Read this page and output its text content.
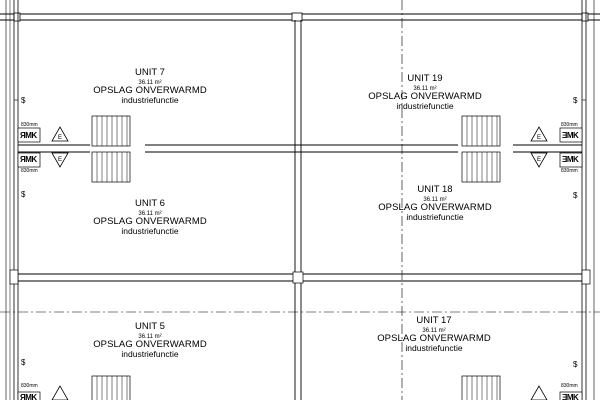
E
E
E
E
UNIT 7
36.11 m²
OPSLAG ONVERWARMD
industriefunctie
UNIT 6
36.11 m²
OPSLAG ONVERWARMD
industriefunctie
UNIT 5
36.11 m²
OPSLAG ONVERWARMD
industriefunctie
UNIT 19
36.11 m²
OPSLAG ONVERWARMD
industriefunctie
UNIT 18
36.11 m²
OPSLAG ONVERWARMD
industriefunctie
UNIT 17
36.11 m²
OPSLAG ONVERWARMD
industriefunctie
$
$
$
$
$
$
830mm
830mm
830mm
830mm
830mm	830mm
ЯМK
ЯМK
ƎМK
ƎМK
ЯМK	ƎМK
